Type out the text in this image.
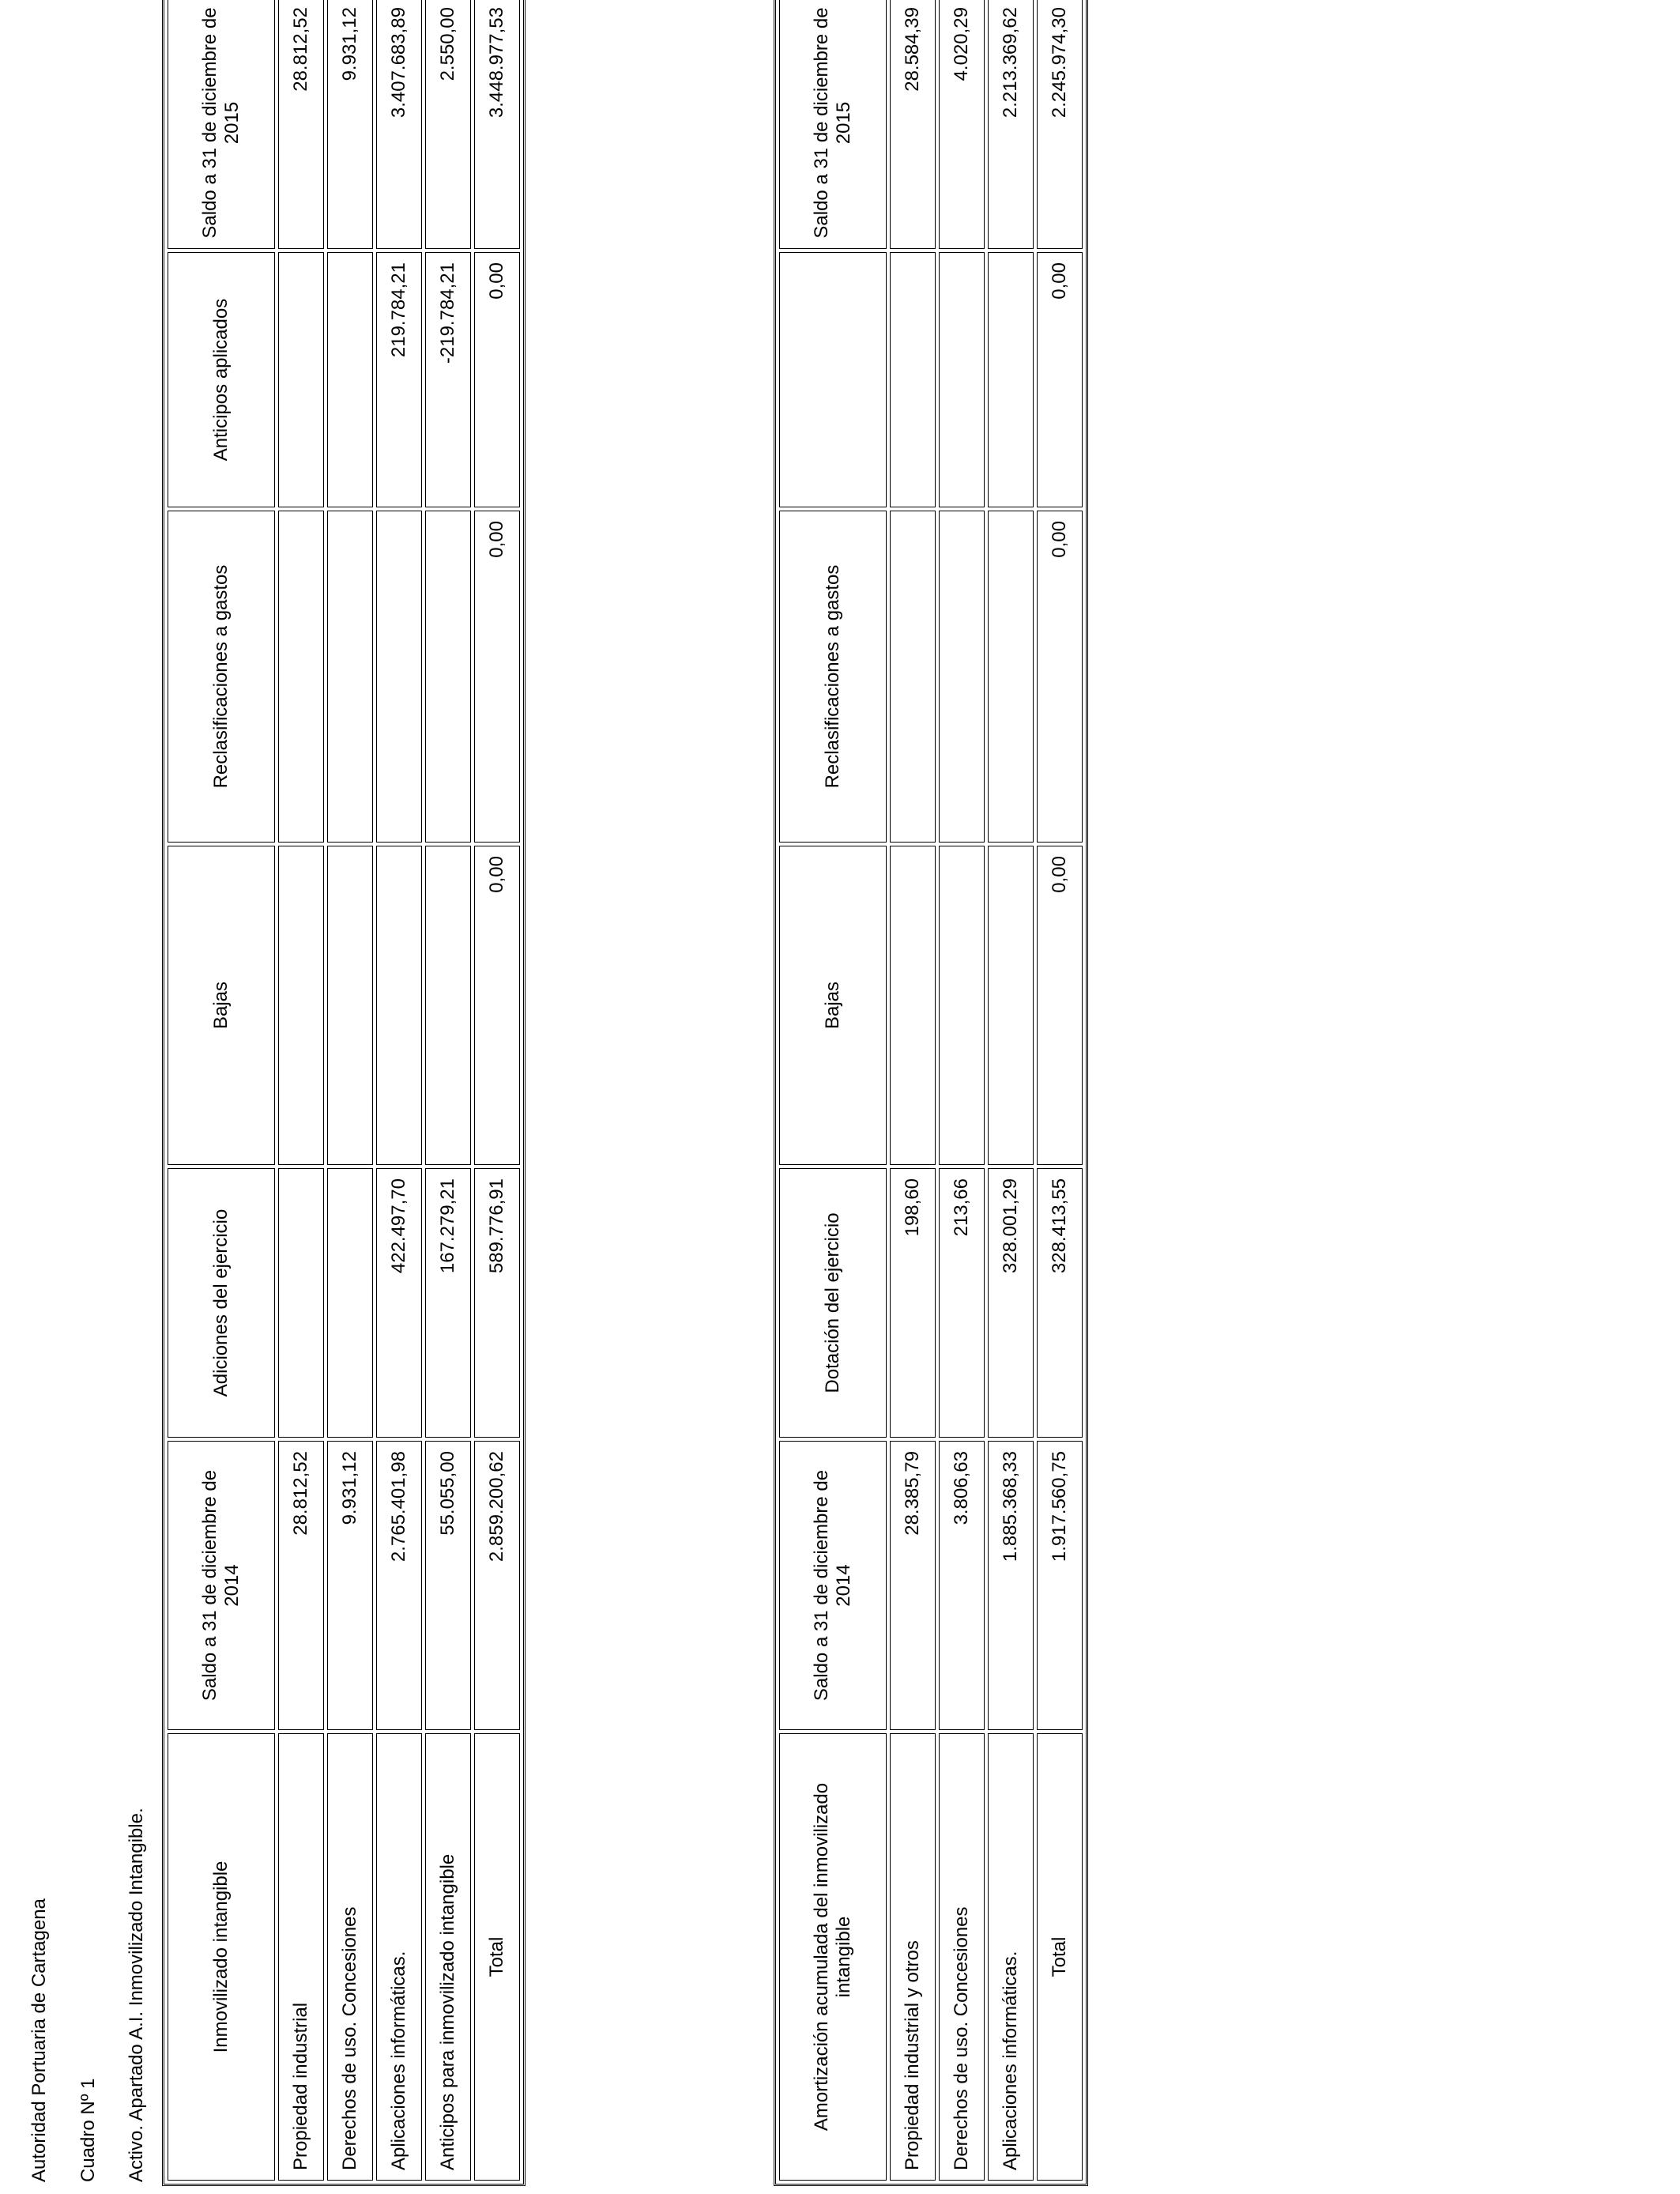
Autoridad Portuaria de Cartagena Cuadro Nº 1 Activo. Apartado A.I. Inmovilizado Intangible.	Inmovilizado intangible	Saldo a 31 de diciembre de 2014	Adiciones del ejercicio	Bajas	Reclasificaciones a gastos	Anticipos aplicados	Saldo a 31 de diciembre de 2015
Propiedad industrial	28.812,52					28.812,52
Derechos de uso. Concesiones	9.931,12					9.931,12
Aplicaciones informáticas.	2.765.401,98	422.497,70			219.784,21	3.407.683,89
Anticipos para inmovilizado intangible	55.055,00	167.279,21			-219.784,21	2.550,00
Total	2.859.200,62	589.776,91	0,00	0,00	0,00	3.448.977,53
Amortización acumulada del inmovilizado intangible	Saldo a 31 de diciembre de 2014	Dotación del ejercicio	Bajas	Reclasificaciones a gastos		Saldo a 31 de diciembre de 2015
Propiedad industrial y otros	28.385,79	198,60				28.584,39
Derechos de uso. Concesiones	3.806,63	213,66				4.020,29
Aplicaciones informáticas.	1.885.368,33	328.001,29				2.213.369,62
Total	1.917.560,75	328.413,55	0,00	0,00	0,00	2.245.974,30
